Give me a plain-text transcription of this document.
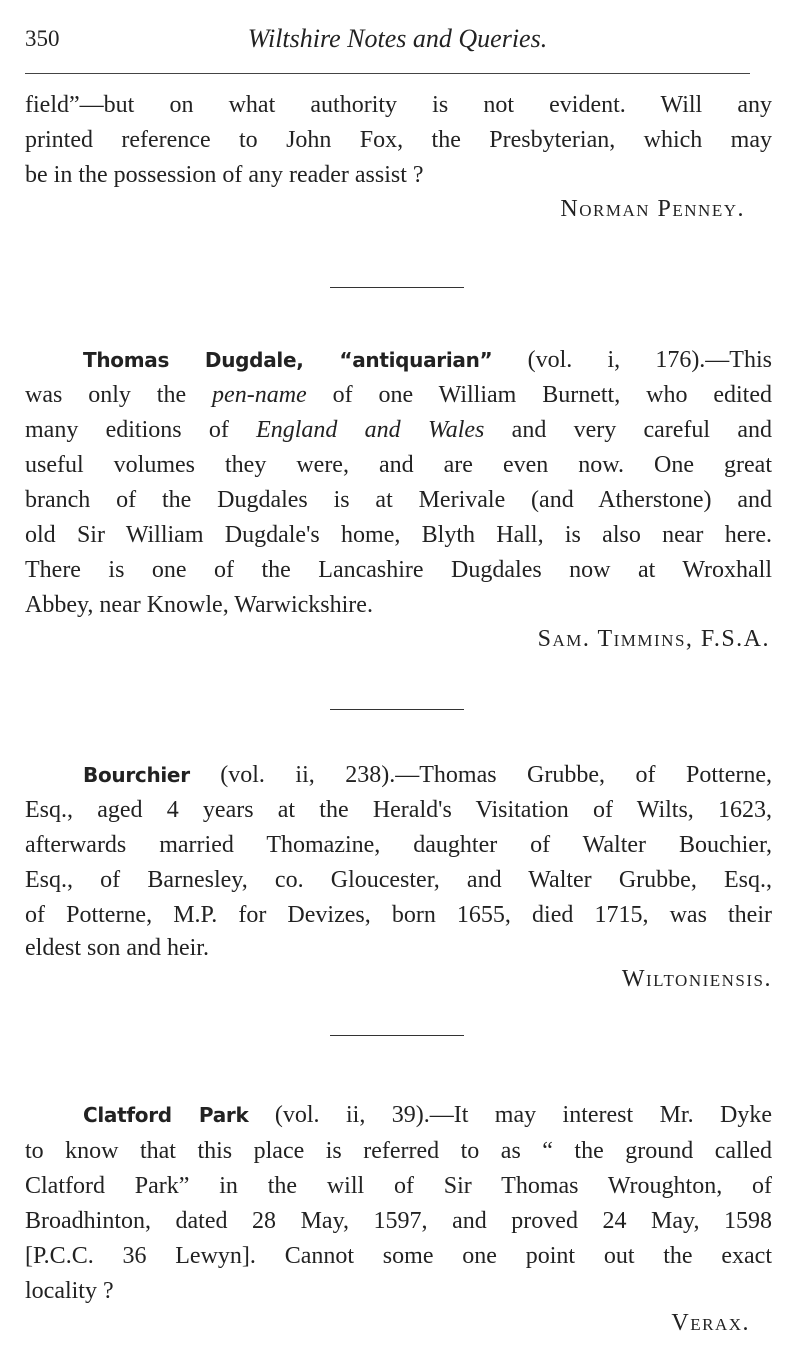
350	Wiltshire Notes and Queries.
field”—but on what authority is not evident. Will any
printed reference to John Fox, the Presbyterian, which may
be in the possession of any reader assist ?
Norman Penney.
Thomas Dugdale, “antiquarian” (vol. i, 176).—This
was only the pen-name of one William Burnett, who edited
many editions of England and Wales and very careful and
useful volumes they were, and are even now. One great
branch of the Dugdales is at Merivale (and Atherstone) and
old Sir William Dugdale's home, Blyth Hall, is also near here.
There is one of the Lancashire Dugdales now at Wroxhall
Abbey, near Knowle, Warwickshire.
Sam. Timmins, F.S.A.
Bourchier (vol. ii, 238).—Thomas Grubbe, of Potterne,
Esq., aged 4 years at the Herald's Visitation of Wilts, 1623,
afterwards married Thomazine, daughter of Walter Bouchier,
Esq., of Barnesley, co. Gloucester, and Walter Grubbe, Esq.,
of Potterne, M.P. for Devizes, born 1655, died 1715, was their
eldest son and heir.
Wiltoniensis.
Clatford Park (vol. ii, 39).—It may interest Mr. Dyke
to know that this place is referred to as “ the ground called
Clatford Park” in the will of Sir Thomas Wroughton, of
Broadhinton, dated 28 May, 1597, and proved 24 May, 1598
[P.C.C. 36 Lewyn]. Cannot some one point out the exact
locality ?
Verax.
